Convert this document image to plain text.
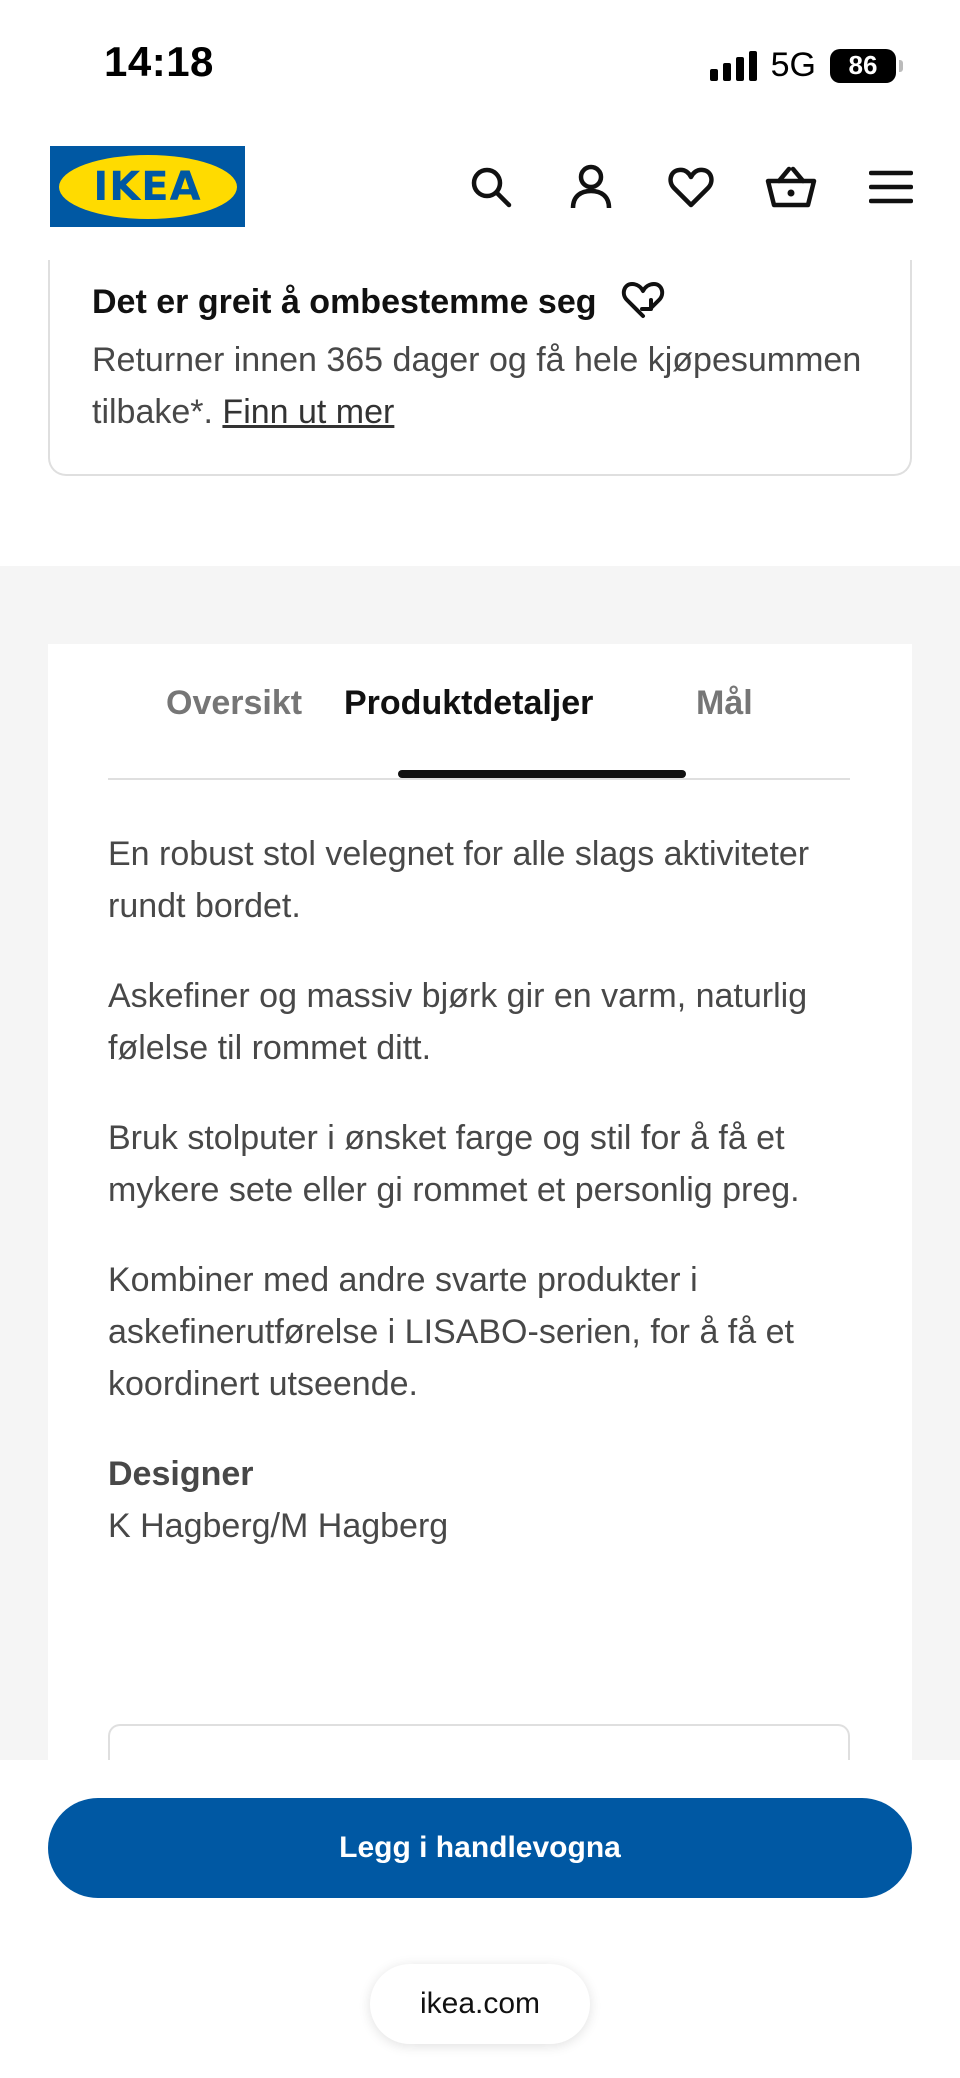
14:18	5G 86
IKEA
Det er greit å ombestemme seg
Returner innen 365 dager og få hele kjøpesummen tilbake*. Finn ut mer
Oversikt Produktdetaljer	Mål

En robust stol velegnet for alle slags aktiviteter rundt bordet.

Askefiner og massiv bjørk gir en varm, naturlig følelse til rommet ditt.

Bruk stolputer i ønsket farge og stil for å få et mykere sete eller gi rommet et personlig preg.

Kombiner med andre svarte produkter i askefinerutførelse i LISABO-serien, for å få et koordinert utseende.

Designer
K Hagberg/M Hagberg
Legg i handlevogna
ikea.com
